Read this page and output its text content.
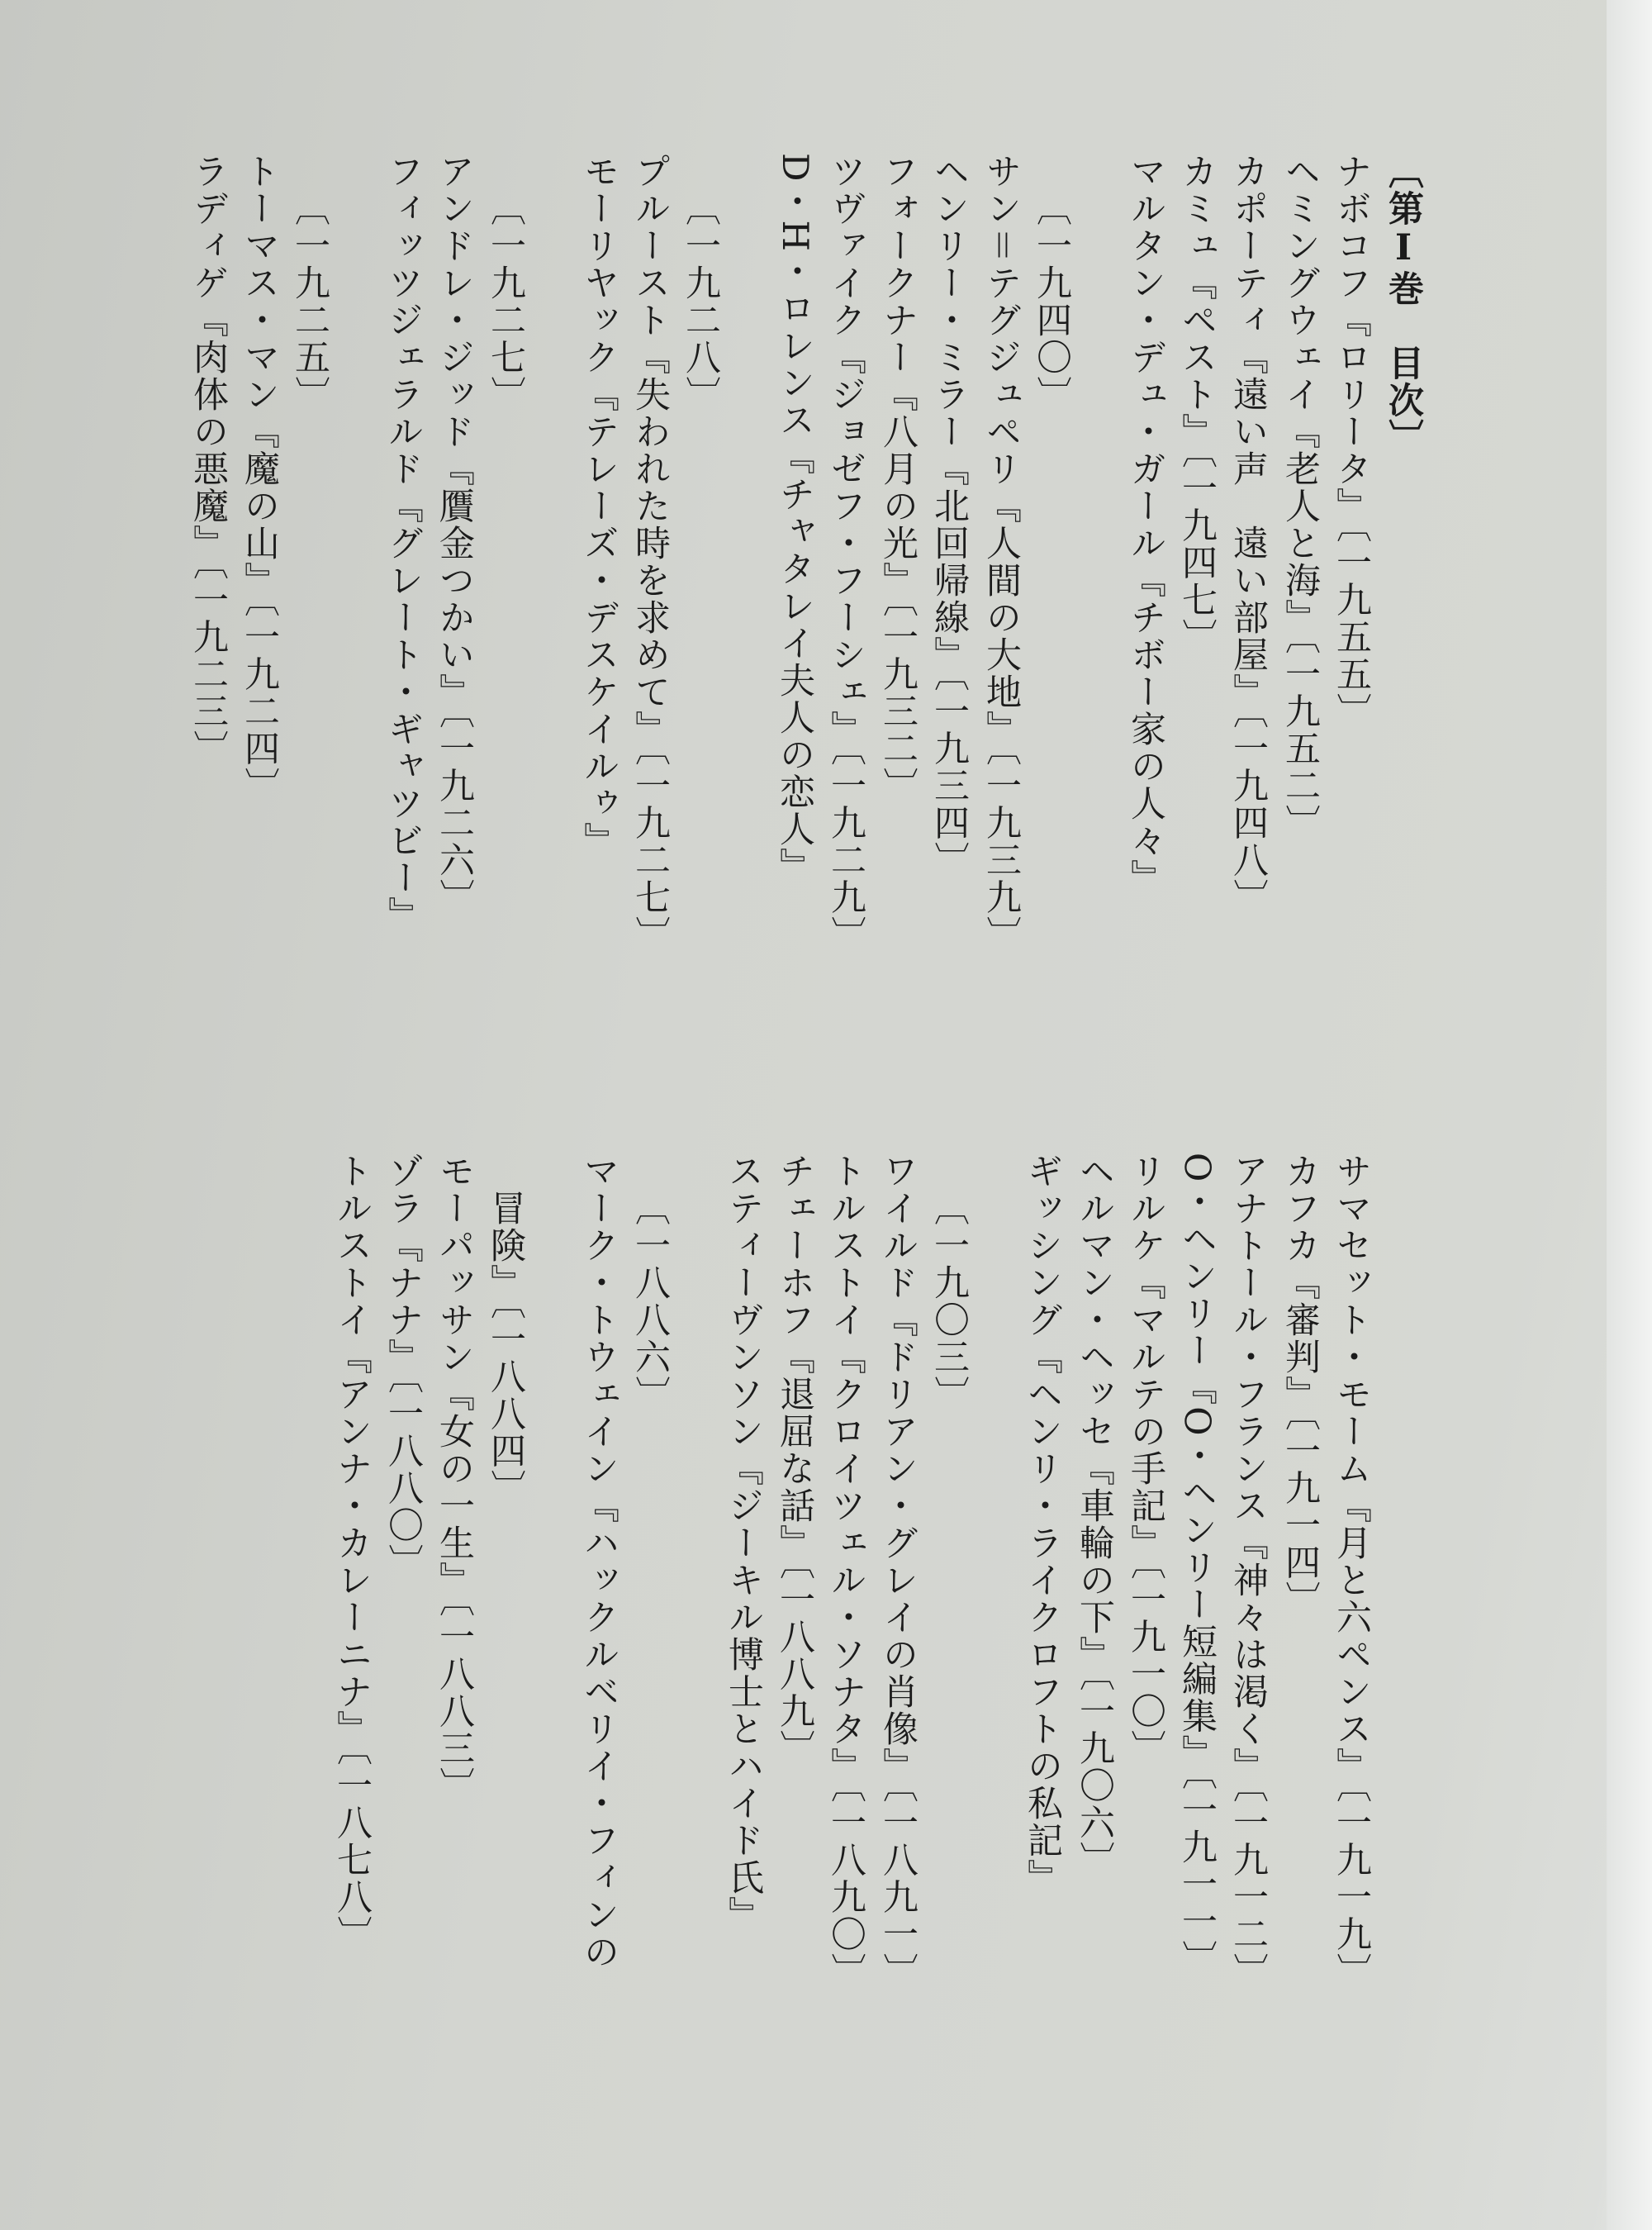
〔第Ⅰ巻　目次〕
ナボコフ『ロリータ』〔一九五五〕
ヘミングウェイ『老人と海』〔一九五二〕
カポーティ『遠い声　遠い部屋』〔一九四八〕
カミュ『ペスト』〔一九四七〕
マルタン・デュ・ガール『チボー家の人々』
〔一九四〇〕
サン＝テグジュペリ『人間の大地』〔一九三九〕
ヘンリー・ミラー『北回帰線』〔一九三四〕
フォークナー『八月の光』〔一九三二〕
ツヴァイク『ジョゼフ・フーシェ』〔一九二九〕
D・H・ロレンス『チャタレイ夫人の恋人』
〔一九二八〕
プルースト『失われた時を求めて』〔一九二七〕
モーリヤック『テレーズ・デスケイルゥ』
〔一九二七〕
アンドレ・ジッド『贋金つかい』〔一九二六〕
フィッツジェラルド『グレート・ギャツビー』
〔一九二五〕
トーマス・マン『魔の山』〔一九二四〕
ラディゲ『肉体の悪魔』〔一九二三〕
サマセット・モーム『月と六ペンス』〔一九一九〕
カフカ『審判』〔一九一四〕
アナトール・フランス『神々は渇く』〔一九一二〕
O・ヘンリー『O・ヘンリー短編集』〔一九一一〕
リルケ『マルテの手記』〔一九一〇〕
ヘルマン・ヘッセ『車輪の下』〔一九〇六〕
ギッシング『ヘンリ・ライクロフトの私記』
〔一九〇三〕
ワイルド『ドリアン・グレイの肖像』〔一八九一〕
トルストイ『クロイツェル・ソナタ』〔一八九〇〕
チェーホフ『退屈な話』〔一八八九〕
スティーヴンソン『ジーキル博士とハイド氏』
〔一八八六〕
マーク・トウェイン『ハックルベリイ・フィンの
冒険』〔一八八四〕
モーパッサン『女の一生』〔一八八三〕
ゾラ『ナナ』〔一八八〇〕
トルストイ『アンナ・カレーニナ』〔一八七八〕
